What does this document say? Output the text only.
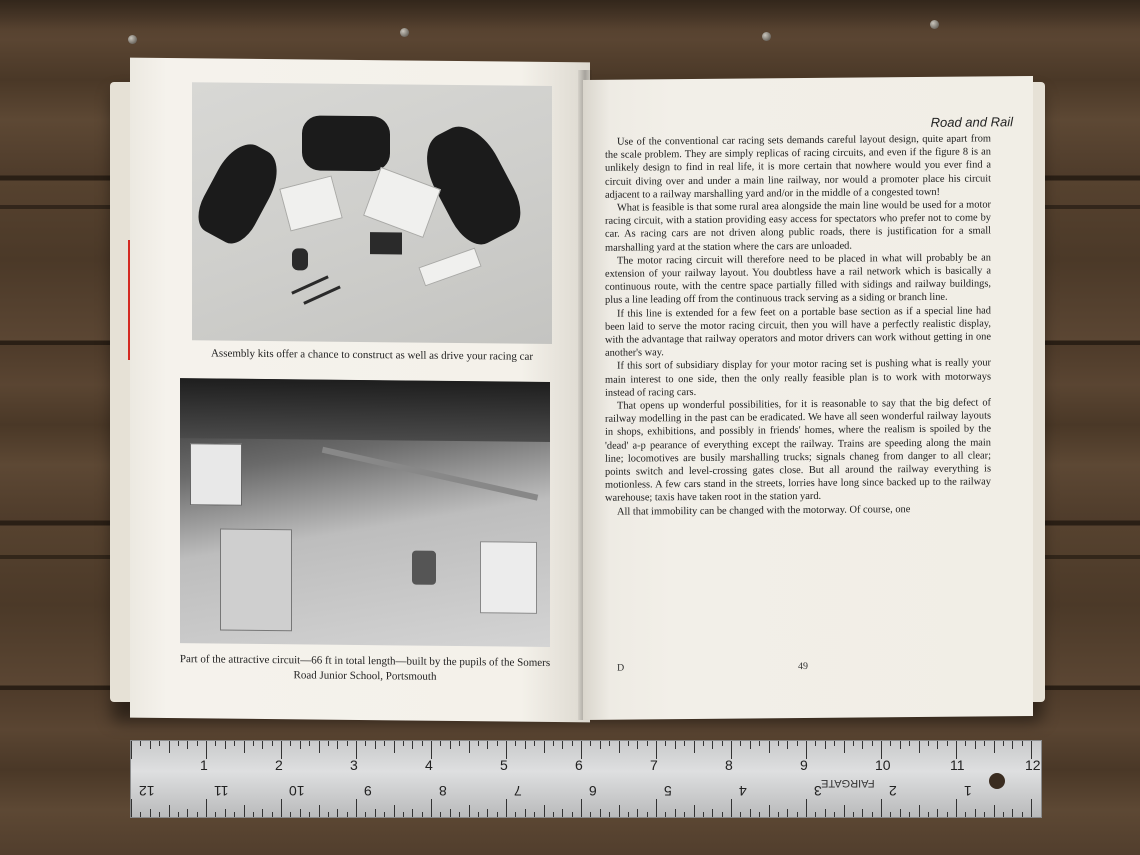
Assembly kits offer a chance to construct as well as drive your racing car
Part of the attractive circuit—66 ft in total length—built by the pupils of the Somers Road Junior School, Portsmouth
Road and Rail

Use of the conventional car racing sets demands careful layout design, quite apart from the scale problem. They are simply replicas of racing circuits, and even if the figure 8 is an unlikely design to find in real life, it is more certain that nowhere would you ever find a circuit diving over and under a main line railway, nor would a promoter place his circuit adjacent to a railway marshalling yard and/or in the middle of a congested town!

What is feasible is that some rural area alongside the main line would be used for a motor racing circuit, with a station providing easy access for spectators who prefer not to come by car. As racing cars are not driven along public roads, there is justification for a small marshalling yard at the station where the cars are unloaded.

The motor racing circuit will therefore need to be placed in what will probably be an extension of your railway layout. You doubtless have a rail network which is basically a continuous route, with the centre space partially filled with sidings and railway buildings, plus a line leading off from the continuous track serving as a siding or branch line.

If this line is extended for a few feet on a portable base section as if a special line had been laid to serve the motor racing circuit, then you will have a perfectly realistic display, with the advantage that railway operators and motor drivers can work without getting in one another's way.

If this sort of subsidiary display for your motor racing set is pushing what is really your main interest to one side, then the only really feasible plan is to work with motorways instead of racing cars.

That opens up wonderful possibilities, for it is reasonable to say that the big defect of railway modelling in the past can be eradicated. We have all seen wonderful railway layouts in shops, exhibitions, and possibly in friends' homes, where the realism is spoiled by the 'dead' a-p pearance of everything except the railway. Trains are speeding along the main line; locomotives are busily marshalling trucks; signals chaneg from danger to all clear; points switch and level-crossing gates close. But all around the railway everything is motionless. A few cars stand in the streets, lorries have long since backed up to the railway warehouse; taxis have taken root in the station yard.

All that immobility can be changed with the motorway. Of course, one

D	49
1	2	3	4	5	6	7	8	9	10	11	12
12	11	10	9	8	7	6	5	4	3	2	1
FAIRGATE
